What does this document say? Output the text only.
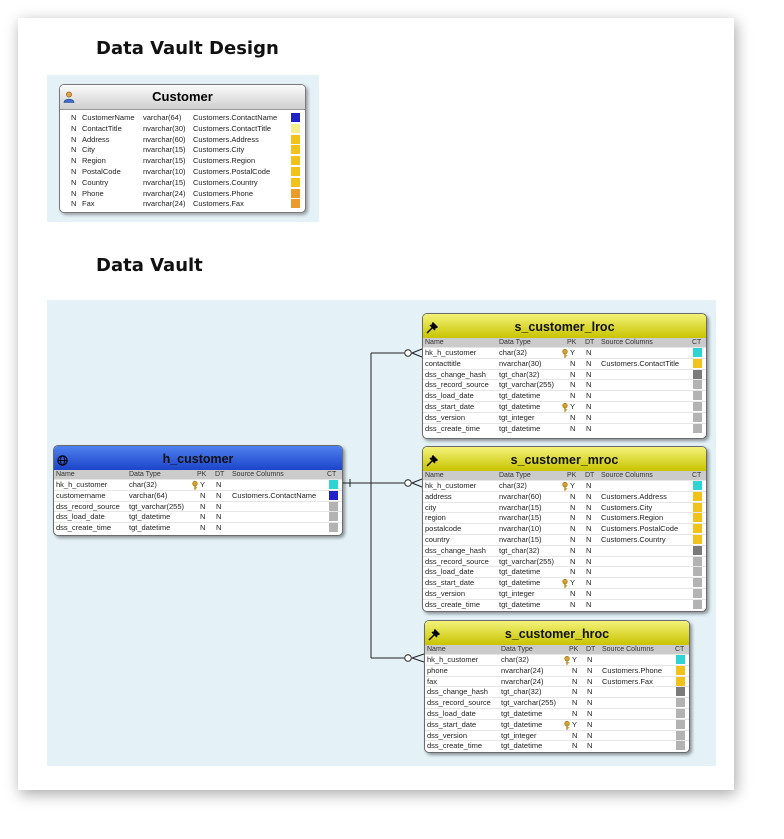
Data Vault Design
Customer
N CustomerName varchar(64) Customers.ContactName
N ContactTitle	nvarchar(30) Customers.ContactTitle
N Address	nvarchar(60) Customers.Address
N City	nvarchar(15) Customers.City
N Region	nvarchar(15) Customers.Region
N PostalCode	nvarchar(10) Customers.PostalCode
N Country	nvarchar(15) Customers.Country
N Phone	nvarchar(24) Customers.Phone
N Fax	nvarchar(24) Customers.Fax
Data Vault
h_customer
Name	Data Type	PK DT Source Columns	CT
hk_h_customer	char(32)	Y N
customername	varchar(64)	N N Customers.ContactName
dss_record_source tgt_varchar(255) N N
dss_load_date	tgt_datetime	N N
dss_create_time tgt_datetime	N N
s_customer_lroc
Name	Data Type	PK DT Source Columns	CT
hk_h_customer	char(32)	Y N
contacttitle	nvarchar(30)	N N Customers.ContactTitle
dss_change_hash tgt_char(32)	N N
dss_record_source tgt_varchar(255) N N
dss_load_date	tgt_datetime	N N
dss_start_date	tgt_datetime	Y N
dss_version	tgt_integer	N N
dss_create_time	tgt_datetime	N N
s_customer_mroc
Name	Data Type	PK DT Source Columns	CT
hk_h_customer	char(32)	Y N
address	nvarchar(60)	N N Customers.Address
city	nvarchar(15)	N N Customers.City
region	nvarchar(15)	N N Customers.Region
postalcode	nvarchar(10)	N N Customers.PostalCode
country	nvarchar(15)	N N Customers.Country
dss_change_hash tgt_char(32)	N N
dss_record_source tgt_varchar(255) N N
dss_load_date	tgt_datetime	N N
dss_start_date	tgt_datetime	Y N
dss_version	tgt_integer	N N
dss_create_time	tgt_datetime	N N
s_customer_hroc
Name	Data Type	PK DT Source Columns	CT
hk_h_customer	char(32)	Y N
phone	nvarchar(24)	N N Customers.Phone
fax	nvarchar(24)	N N Customers.Fax
dss_change_hash tgt_char(32)	N N
dss_record_source tgt_varchar(255) N N
dss_load_date	tgt_datetime	N N
dss_start_date	tgt_datetime	Y N
dss_version	tgt_integer	N N
dss_create_time	tgt_datetime	N N
